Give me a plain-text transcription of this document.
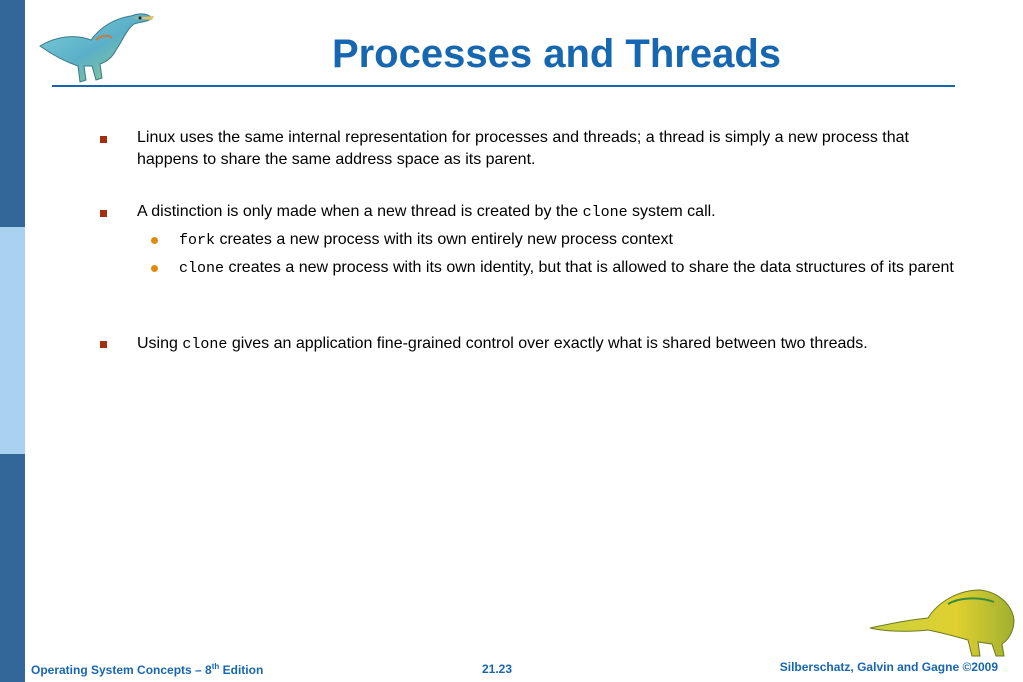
Processes and Threads
Linux uses the same internal representation for processes and threads; a thread is simply a new process that happens to share the same address space as its parent.
A distinction is only made when a new thread is created by the clone system call.
fork creates a new process with its own entirely new process context
clone creates a new process with its own identity, but that is allowed to share the data structures of its parent
Using clone gives an application fine-grained control over exactly what is shared between two threads.
Operating System Concepts – 8th Edition	21.23	Silberschatz, Galvin and Gagne ©2009
